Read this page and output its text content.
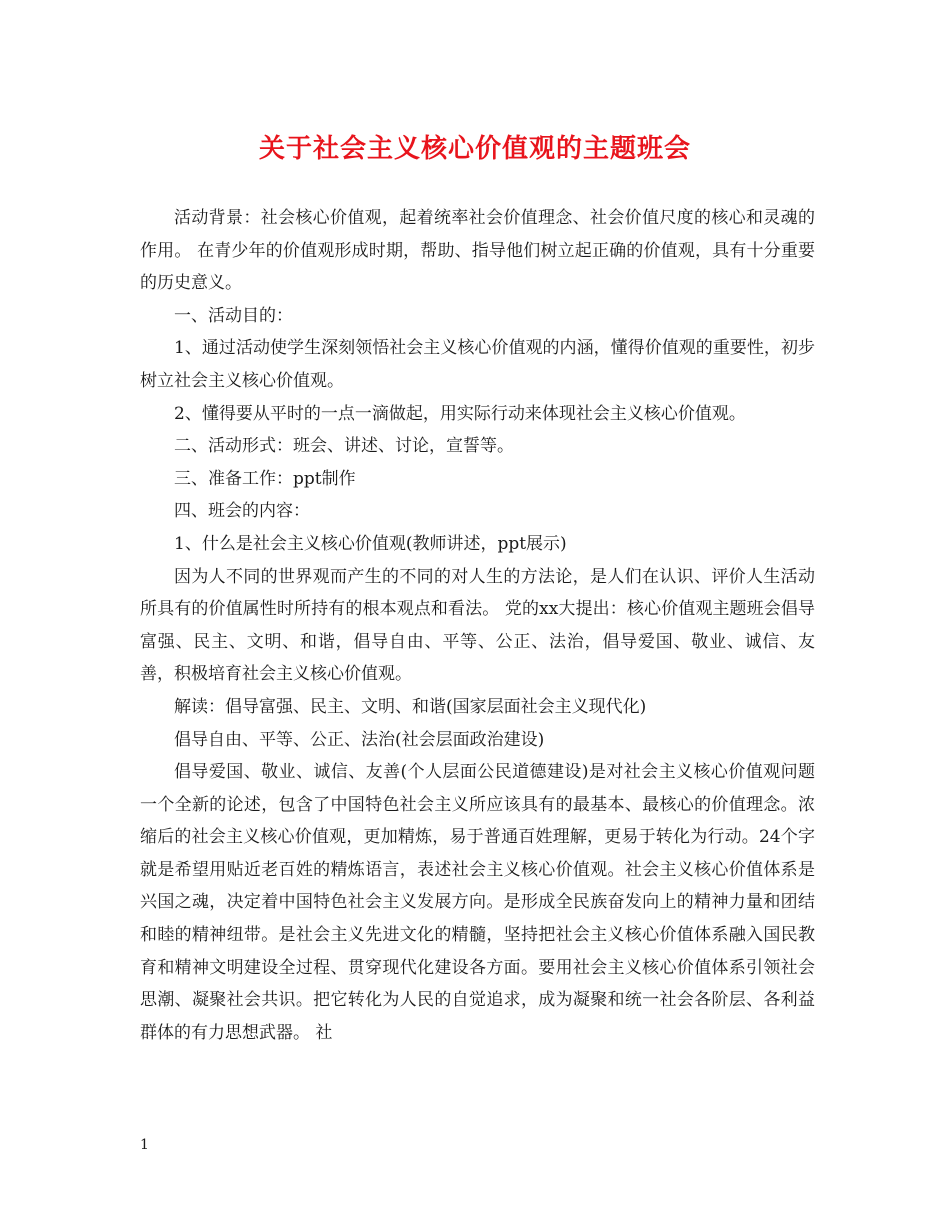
关于社会主义核心价值观的主题班会

活动背景：社会核心价值观，起着统率社会价值理念、社会价值尺度的核心和灵魂的作用。 在青少年的价值观形成时期，帮助、指导他们树立起正确的价值观，具有十分重要的历史意义。

一、活动目的：

1、通过活动使学生深刻领悟社会主义核心价值观的内涵，懂得价值观的重要性，初步树立社会主义核心价值观。

2、懂得要从平时的一点一滴做起，用实际行动来体现社会主义核心价值观。

二、活动形式：班会、讲述、讨论，宣誓等。

三、准备工作：ppt制作

四、班会的内容：

1、什么是社会主义核心价值观(教师讲述，ppt展示)

因为人不同的世界观而产生的不同的对人生的方法论，是人们在认识、评价人生活动所具有的价值属性时所持有的根本观点和看法。 党的xx大提出：核心价值观主题班会倡导富强、民主、文明、和谐，倡导自由、平等、公正、法治，倡导爱国、敬业、诚信、友善，积极培育社会主义核心价值观。

解读：倡导富强、民主、文明、和谐(国家层面社会主义现代化)

倡导自由、平等、公正、法治(社会层面政治建设)

倡导爱国、敬业、诚信、友善(个人层面公民道德建设)是对社会主义核心价值观问题一个全新的论述，包含了中国特色社会主义所应该具有的最基本、最核心的价值理念。浓缩后的社会主义核心价值观，更加精炼，易于普通百姓理解，更易于转化为行动。24个字就是希望用贴近老百姓的精炼语言，表述社会主义核心价值观。社会主义核心价值体系是兴国之魂，决定着中国特色社会主义发展方向。是形成全民族奋发向上的精神力量和团结和睦的精神纽带。是社会主义先进文化的精髓，坚持把社会主义核心价值体系融入国民教育和精神文明建设全过程、贯穿现代化建设各方面。要用社会主义核心价值体系引领社会思潮、凝聚社会共识。把它转化为人民的自觉追求，成为凝聚和统一社会各阶层、各利益群体的有力思想武器。 社

1
